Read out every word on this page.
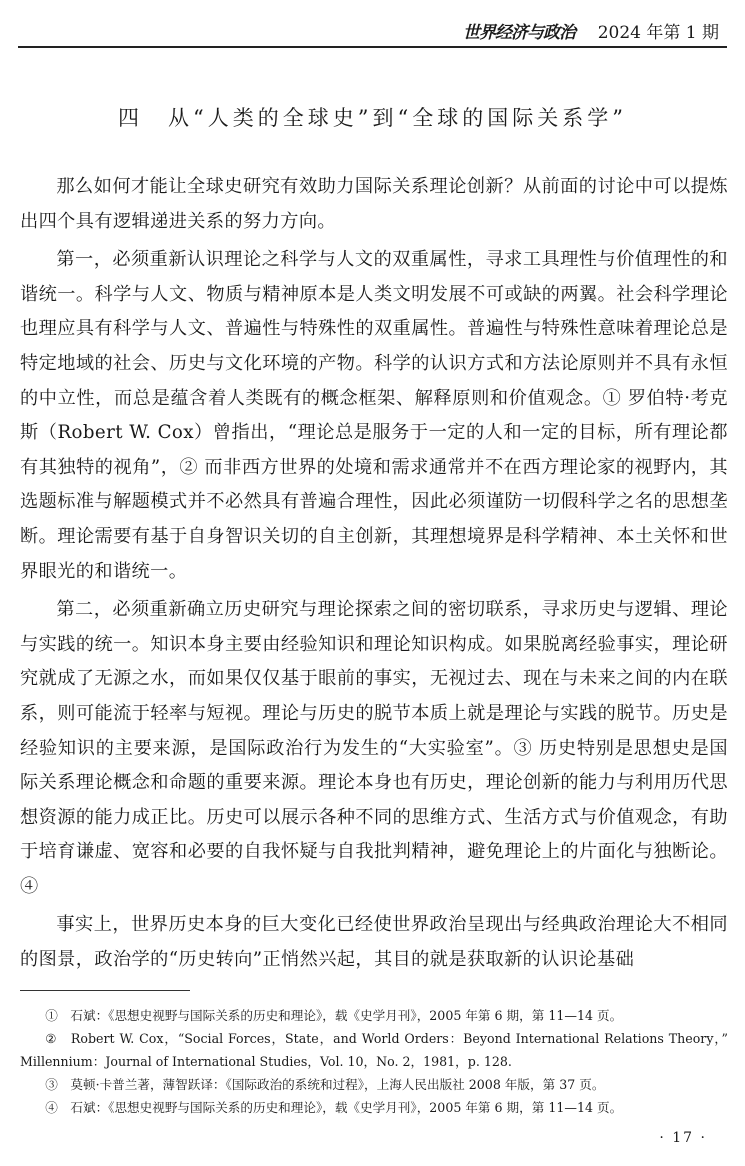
世界经济与政治 2024 年第 1 期
四　从“人类的全球史”到“全球的国际关系学”

那么如何才能让全球史研究有效助力国际关系理论创新？从前面的讨论中可以提炼出四个具有逻辑递进关系的努力方向。

第一，必须重新认识理论之科学与人文的双重属性，寻求工具理性与价值理性的和谐统一。科学与人文、物质与精神原本是人类文明发展不可或缺的两翼。社会科学理论也理应具有科学与人文、普遍性与特殊性的双重属性。普遍性与特殊性意味着理论总是特定地域的社会、历史与文化环境的产物。科学的认识方式和方法论原则并不具有永恒的中立性，而总是蕴含着人类既有的概念框架、解释原则和价值观念。① 罗伯特·考克斯（Robert W. Cox）曾指出，“理论总是服务于一定的人和一定的目标，所有理论都有其独特的视角”，② 而非西方世界的处境和需求通常并不在西方理论家的视野内，其选题标准与解题模式并不必然具有普遍合理性，因此必须谨防一切假科学之名的思想垄断。理论需要有基于自身智识关切的自主创新，其理想境界是科学精神、本土关怀和世界眼光的和谐统一。

第二，必须重新确立历史研究与理论探索之间的密切联系，寻求历史与逻辑、理论与实践的统一。知识本身主要由经验知识和理论知识构成。如果脱离经验事实，理论研究就成了无源之水，而如果仅仅基于眼前的事实，无视过去、现在与未来之间的内在联系，则可能流于轻率与短视。理论与历史的脱节本质上就是理论与实践的脱节。历史是经验知识的主要来源，是国际政治行为发生的“大实验室”。③ 历史特别是思想史是国际关系理论概念和命题的重要来源。理论本身也有历史，理论创新的能力与利用历代思想资源的能力成正比。历史可以展示各种不同的思维方式、生活方式与价值观念，有助于培育谦虚、宽容和必要的自我怀疑与自我批判精神，避免理论上的片面化与独断论。④

事实上，世界历史本身的巨大变化已经使世界政治呈现出与经典政治理论大不相同的图景，政治学的“历史转向”正悄然兴起，其目的就是获取新的认识论基础

①　石斌：《思想史视野与国际关系的历史和理论》，载《史学月刊》，2005 年第 6 期，第 11—14 页。

②　Robert W. Cox，“Social Forces，State，and World Orders：Beyond International Relations Theory，” Millennium：Journal of International Studies，Vol. 10，No. 2，1981，p. 128.

③　莫顿·卡普兰著，薄智跃译：《国际政治的系统和过程》，上海人民出版社 2008 年版，第 37 页。

④　石斌：《思想史视野与国际关系的历史和理论》，载《史学月刊》，2005 年第 6 期，第 11—14 页。

· 17 ·
